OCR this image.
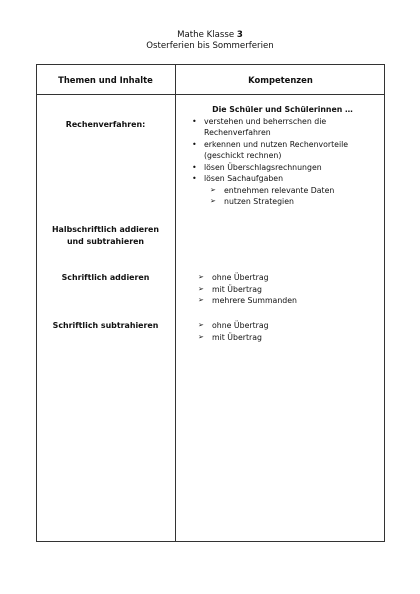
Mathe Klasse 3
Osterferien bis Sommerferien
Themen und Inhalte	Kompetenzen
Rechenverfahren:
Halbschriftlich addieren und subtrahieren
Schriftlich addieren
Schriftlich subtrahieren
Die Schüler und Schülerinnen …
• verstehen und beherrschen die Rechenverfahren
• erkennen und nutzen Rechenvorteile (geschickt rechnen)
• lösen Überschlagsrechnungen
• lösen Sachaufgaben
➢ entnehmen relevante Daten
➢ nutzen Strategien
➢ ohne Übertrag
➢ mit Übertrag
➢ mehrere Summanden
➢ ohne Übertrag
➢ mit Übertrag
